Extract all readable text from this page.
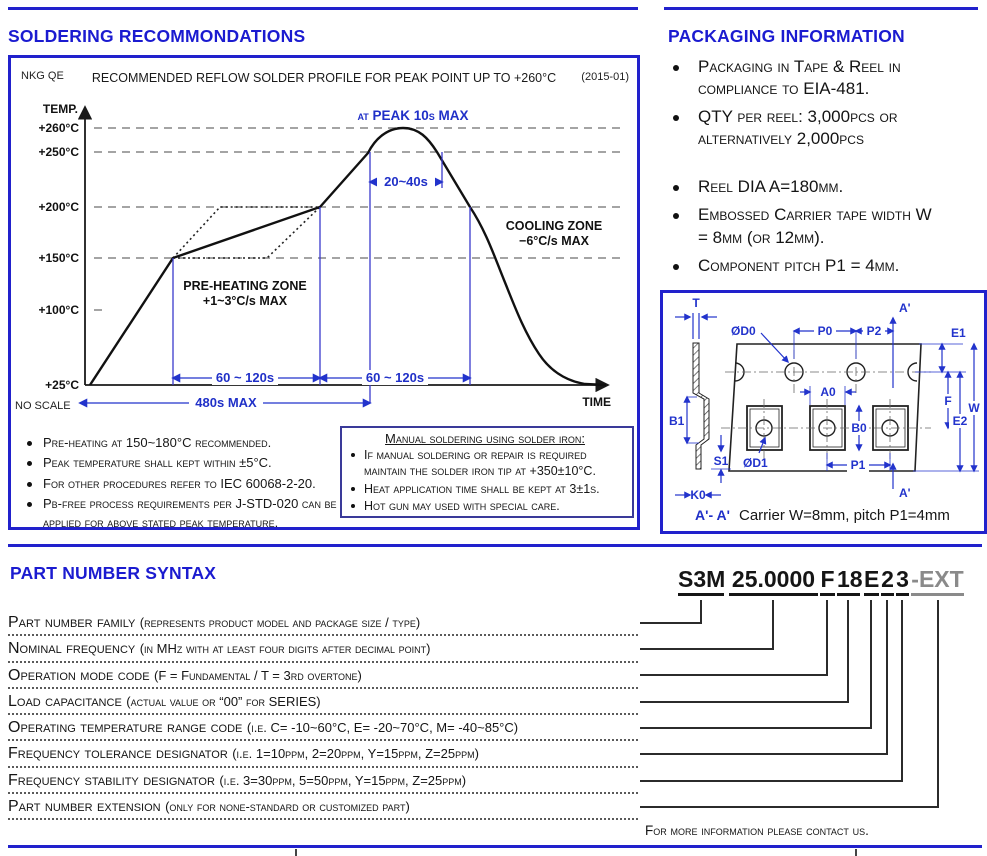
SOLDERING RECOMMONDATIONS	PACKAGING INFORMATION
NKG QE	RECOMMENDED REFLOW SOLDER PROFILE FOR PEAK POINT UP TO +260°C	(2015-01)
60 ~ 120s	60 ~ 120s
480s MAX
20~40s
+260°C
+250°C
+200°C
+150°C
+100°C
+25°C
TEMP.
NO SCALE	TIME
at PEAK 10s MAX
PRE-HEATING ZONE
+1~3°C/s MAX
COOLING ZONE
−6°C/s MAX
Pre-heating at 150~180°C recommended.
Peak temperature shall kept within ±5°C.
For other procedures refer to IEC 60068-2-20.
Pb-free process requirements per J-STD-020 can be applied for above stated peak temperature.
Manual soldering using solder iron:
If manual soldering or repair is required maintain the solder iron tip at +350±10°C.
Heat application time shall be kept at 3±1s.
Hot gun may used with special care.
Packaging in Tape & Reel in compliance to EIA-481.
QTY per reel: 3,000pcs or alternatively 2,000pcs
Reel DIA A=180mm.
Embossed Carrier tape width W = 8mm (or 12mm).
Component pitch P1 = 4mm.
T
ØD0	P0	P2
A'
E1
A0
F W
E2
B0
P1
ØD1
B1
S1
K0	A'
A'- A' Carrier W=8mm, pitch P1=4mm
PART NUMBER SYNTAX	S3M 25.0000 F 18 E 2 3 -EXT
Part number family (represents product model and package size / type)
Nominal frequency (in MHz with at least four digits after decimal point)
Operation mode code (F = Fundamental / T = 3rd overtone)
Load capacitance (actual value or “00” for SERIES)
Operating temperature range code (i.e. C= -10~60°C, E= -20~70°C, M= -40~85°C)
Frequency tolerance designator (i.e. 1=10ppm, 2=20ppm, Y=15ppm, Z=25ppm)
Frequency stability designator (i.e. 3=30ppm, 5=50ppm, Y=15ppm, Z=25ppm)
Part number extension (only for none-standard or customized part)
For more information please contact us.
